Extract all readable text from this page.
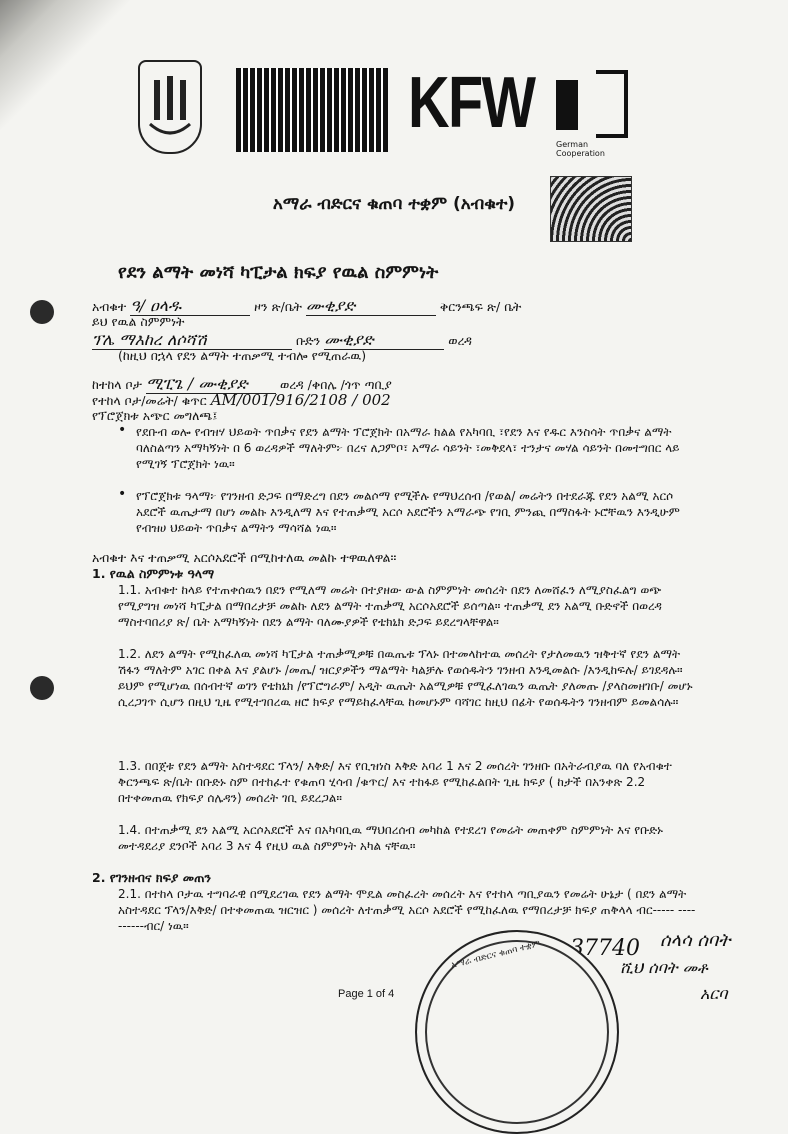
KFW
German Cooperation
አማራ ብድርና ቁጠባ ተቋም (አብቁተ)
የደን ልማት መነሻ ካፒታል ክፍያ የዉል ስምምነት
አብቁተ ዓ/ ዐላዱ	ዞን ጽ/ቤት ሙቂያድ	ቅርንጫፍ ጽ/ ቤት
ይህ የዉል ስምምነት
ፕሌ ማእከረ ለሶሻሽ	ቡድን ሙቂያድ	ወረዳ
(ከዚህ በኋላ የደን ልማት ተጠቃሚ ተብሎ የሚጠራዉ)
ከተከላ ቦታ ሚፒጌ / ሙቂያድ	ወረዳ /ቀበሌ /ጎጥ ጣቢያ
የተከላ ቦታ/መሬት/ ቁጥር AM/001/916/2108 / 002
የፕሮጀክቱ አጭር መግለጫ፤
• የደቡብ ወሎ የብዝሃ ህይወት ጥበቃና የደን ልማት ፕሮጀክት በአማራ ክልል የአካባቢ ፣የደን እና የዱር እንስሳት ጥበቃና ልማት ባለስልጣን አማካኝነት በ 6 ወረዳዎች ማለትም፦ በረና ለጋምቦ፣ አማራ ሳይንት ፣መቅደላ፣ ተንታና መሃል ሳይንት በመተግበር ላይ የሚገኝ ፕሮጀክት ነዉ።
• የፕሮጀክቱ ዓላማ፦ የገንዘብ ድጋፍ በማድረግ በደን መልሶማ የሚችሉ የማህረሰብ /የወል/ መሬትን በተደራጁ የደን አልሚ አርሶ አደሮች ዉጤታማ በሆነ መልኩ እንዲለማ እና የተጠቃሚ አርሶ አደሮችን አማራጭ የገቢ ምንጪ በማስፋት ኑሮቸዉን እንዲሁም የብዝሀ ህይወት ጥበቃና ልማትን ማሳሻል ነዉ።
አብቁተ እና ተጠቃሚ አርሶአደሮች በሚከተለዉ መልኩ ተዋዉለዋል።
1. የዉል ስምምነቱ ዓላማ
1.1. አብቁተ ከላይ የተጠቀሰዉን በደን የሚለማ መሬት በተያዘው ውል ስምምነት መሰረት በደን ለመሸፈን ለሚያስፈልግ ወጭ የሚያግዝ መነሻ ካፒታል በማበረታቻ መልኩ ለደን ልማት ተጠቃሚ አርሶአደሮች ይሰጣል። ተጠቃሚ ደን አልሚ ቡድኖች በወረዳ ማስተባበሪያ ጽ/ ቤት አማካኝነት በደን ልማት ባለሙያዎች የቴክኒክ ድጋፍ ይደረግላቸዋል።
1.2. ለደን ልማት የሚከፈለዉ መነሻ ካፒታል ተጠቃሚዎቹ በዉጤቱ ፕላኑ በተመላከተዉ መሰረት የታለመዉን ዝቅተኛ የደን ልማት ሽፋን ማለትም አገር በቀል እና ያልሆኑ /መጤ/ ዝርያዎችን ማልማት ካልቻሉ የወሰዱትን ገንዘብ እንዲመልሱ /እንዲከፍሉ/ ይገደዳሉ። ይህም የሚሆነዉ በሰብተኛ ወገን የቴክኒክ /የፕሮግራም/ አዲት ዉጤት አልሚዎቹ የሚፈለገዉን ዉጤት ያለመጡ /ያላስመዘገቡ/ መሆኑ ሲረጋገጥ ሲሆን በዚህ ጊዜ የሚተገበረዉ ዘሮ ክፍያ የማይከፈላቸዉ ከመሆኑም ባሻገር ከዚህ በፊት የወሰዱትን ገንዘብም ይመልሳሉ።
1.3. በበጀቱ የደን ልማት አስተዳደር ፕላን/ እቅድ/ እና የቢዝነስ እቅድ አባሪ 1 እና 2 መሰረት ገንዘቡ በአትራብያዉ ባለ የአብቁተ ቅርንጫፍ ጽ/ቤት በቡድኑ ስም በተከፈተ የቁጠባ ሂሳብ /ቁጥር/ እና ተከፋይ የሚከፈልበት ጊዜ ክፍያ ( ከታች በአንቀጽ 2.2 በተቀመጠዉ የክፍያ ሰሌዳን) መሰረት ገቢ ይደረጋል።
1.4. በተጠቃሚ ደን አልሚ አርሶአደሮች እና በአካባቢዉ ማህበረሰብ መካከል የተደረገ የመሬት መጠቀም ስምምነት እና የቡድኑ መተዳደሪያ ደንቦች አባሪ 3 እና 4 የዚህ ዉል ስምምነት አካል ናቸዉ።
2. የገንዘብና ክፍያ መጠን
2.1. በተከላ ቦታዉ ተግባራዊ በሚደረገዉ የደን ልማት ሞዴል መስፈረት መሰረት እና የተከላ ጣቢያዉን የመሬት ሁኔታ ( በደን ልማት አስተዳደር ፕላን/እቅድ/ በተቀመጠዉ ዝርዝር ) መሰረት ለተጠቃሚ አርሶ አደሮች የሚከፈለዉ የማበረታቻ ክፍያ ጠቅላላ ብር----- ----------ብር/ ነዉ።
37740 ሰላሳ ሰባት
ሺህ ሰባት መቶ
አርባ
አማራ ብድርና ቁጠባ ተቋም
Page 1 of 4
